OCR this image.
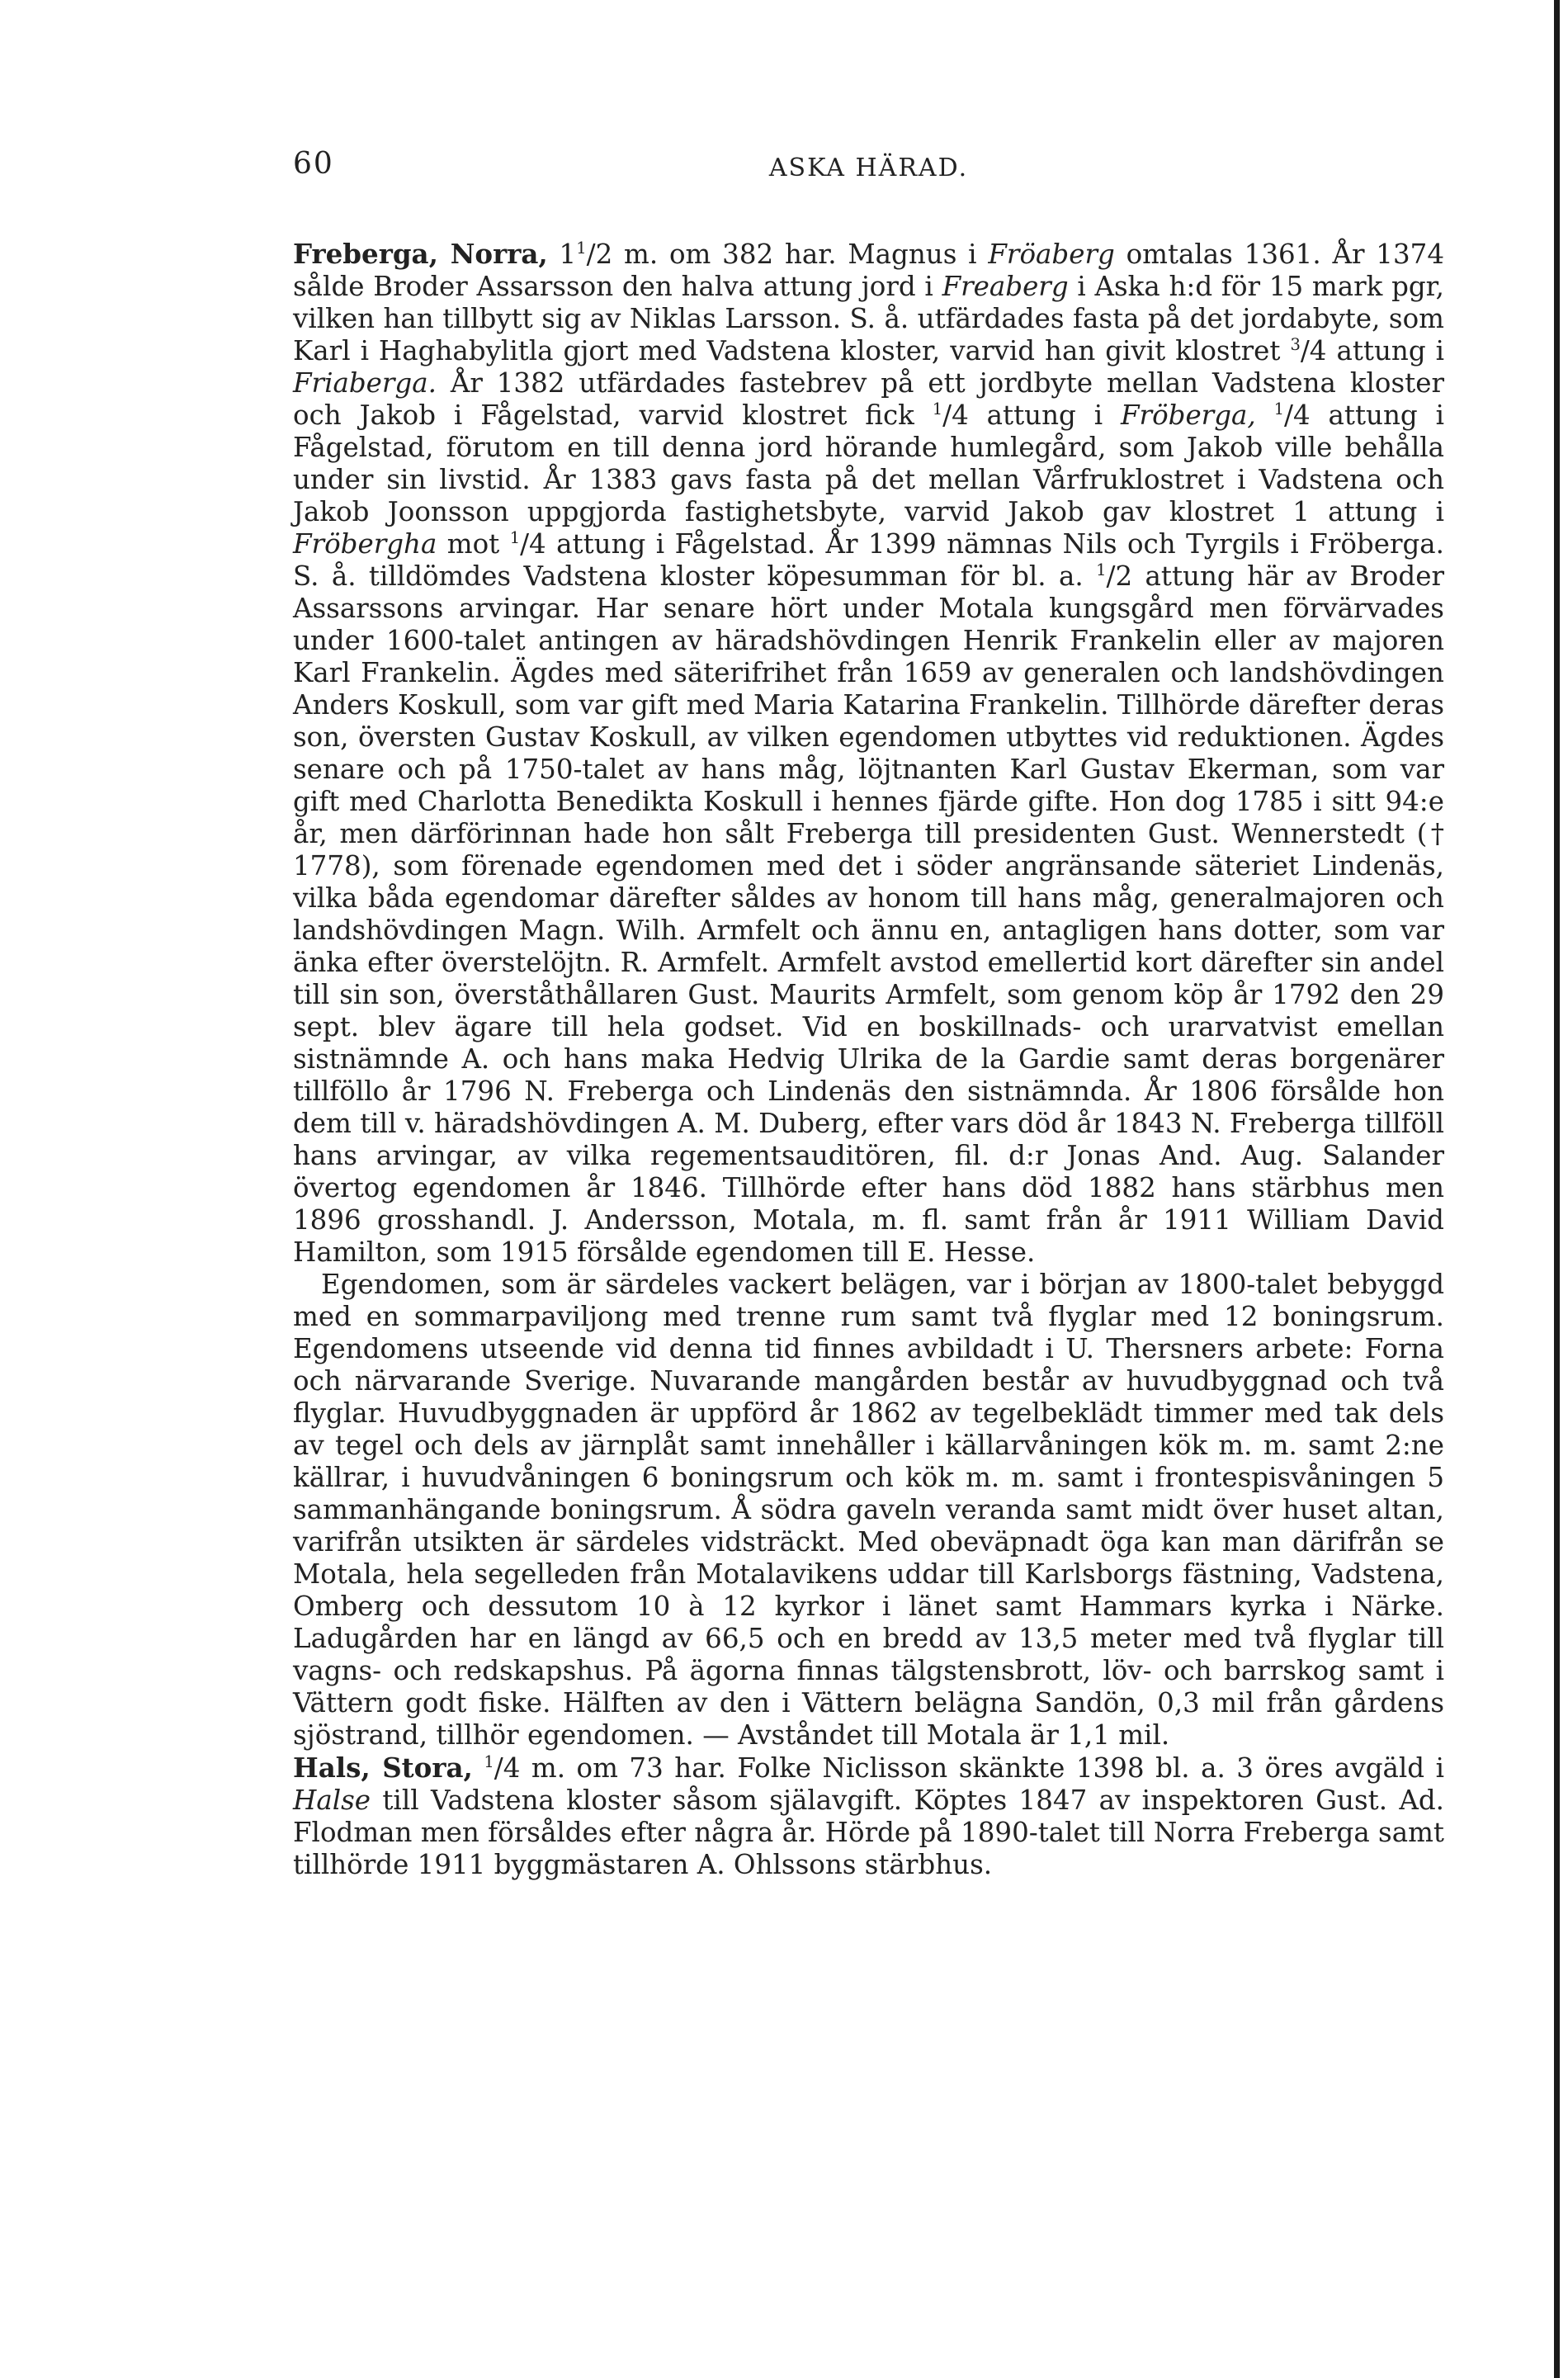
60	ASKA HÄRAD.

Freberga, Norra, $1^1/2$ m. om 382 har. Magnus i Fröaberg omtalas 1361. År 1374 sålde Broder Assarsson den halva attung jord i Freaberg i Aska h:d för 15 mark pgr, vilken han tillbytt sig av Niklas Larsson. S. å. utfärdades fasta på det jordabyte, som Karl i Haghabylitla gjort med Vadstena kloster, varvid han givit klostret $^3$/4 attung i Friaberga. År 1382 utfärdades fastebrev på ett jordbyte mellan Vadstena kloster och Jakob i Fågelstad, varvid klostret fick $^1$/4 attung i Fröberga, $^1$/4 attung i Fågelstad, förutom en till denna jord hörande humlegård, som Jakob ville behålla under sin livstid. År 1383 gavs fasta på det mellan Vårfruklostret i Vadstena och Jakob Joonsson uppgjorda fastighetsbyte, varvid Jakob gav klostret 1 attung i Fröbergha mot $^1$/4 attung i Fågelstad. År 1399 nämnas Nils och Tyrgils i Fröberga. S. å. tilldömdes Vadstena kloster köpesumman för bl. a. $^1$/2 attung här av Broder Assarssons arvingar. Har senare hört under Motala kungsgård men förvärvades under 1600-talet antingen av häradshövdingen Henrik Frankelin eller av majoren Karl Frankelin. Ägdes med säterifrihet från 1659 av generalen och landshövdingen Anders Koskull, som var gift med Maria Katarina Frankelin. Tillhörde därefter deras son, översten Gustav Koskull, av vilken egendomen utbyttes vid reduktionen. Ägdes senare och på 1750-talet av hans måg, löjtnanten Karl Gustav Ekerman, som var gift med Charlotta Benedikta Koskull i hennes fjärde gifte. Hon dog 1785 i sitt 94:e år, men därförinnan hade hon sålt Freberga till presidenten Gust. Wennerstedt († 1778), som förenade egendomen med det i söder angränsande säteriet Lindenäs, vilka båda egendomar därefter såldes av honom till hans måg, generalmajoren och landshövdingen Magn. Wilh. Armfelt och ännu en, antagligen hans dotter, som var änka efter överstelöjtn. R. Armfelt. Armfelt avstod emellertid kort därefter sin andel till sin son, överståthållaren Gust. Maurits Armfelt, som genom köp år 1792 den 29 sept. blev ägare till hela godset. Vid en boskillnads- och urarvatvist emellan sistnämnde A. och hans maka Hedvig Ulrika de la Gardie samt deras borgenärer tillföllo år 1796 N. Freberga och Lindenäs den sistnämnda. År 1806 försålde hon dem till v. häradshövdingen A. M. Duberg, efter vars död år 1843 N. Freberga tillföll hans arvingar, av vilka regementsauditören, fil. d:r Jonas And. Aug. Salander övertog egendomen år 1846. Tillhörde efter hans död 1882 hans stärbhus men 1896 grosshandl. J. Andersson, Motala, m. fl. samt från år 1911 William David Hamilton, som 1915 försålde egendomen till E. Hesse.

Egendomen, som är särdeles vackert belägen, var i början av 1800-talet bebyggd med en sommarpaviljong med trenne rum samt två flyglar med 12 boningsrum. Egendomens utseende vid denna tid finnes avbildadt i U. Thersners arbete: Forna och närvarande Sverige. Nuvarande mangården består av huvudbyggnad och två flyglar. Huvudbyggnaden är uppförd år 1862 av tegelbeklädt timmer med tak dels av tegel och dels av järnplåt samt innehåller i källarvåningen kök m. m. samt 2:ne källrar, i huvudvåningen 6 boningsrum och kök m. m. samt i frontespisvåningen 5 sammanhängande boningsrum. Å södra gaveln veranda samt midt över huset altan, varifrån utsikten är särdeles vidsträckt. Med obeväpnadt öga kan man därifrån se Motala, hela segelleden från Motalavikens uddar till Karlsborgs fästning, Vadstena, Omberg och dessutom 10 à 12 kyrkor i länet samt Hammars kyrka i Närke. Ladugården har en längd av 66,5 och en bredd av 13,5 meter med två flyglar till vagns- och redskapshus. På ägorna finnas tälgstensbrott, löv- och barrskog samt i Vättern godt fiske. Hälften av den i Vättern belägna Sandön, 0,3 mil från gårdens sjöstrand, tillhör egendomen. — Avståndet till Motala är 1,1 mil.

Hals, Stora, $^1$/4 m. om 73 har. Folke Niclisson skänkte 1398 bl. a. 3 öres avgäld i Halse till Vadstena kloster såsom själavgift. Köptes 1847 av inspektoren Gust. Ad. Flodman men försåldes efter några år. Hörde på 1890-talet till Norra Freberga samt tillhörde 1911 byggmästaren A. Ohlssons stärbhus.
